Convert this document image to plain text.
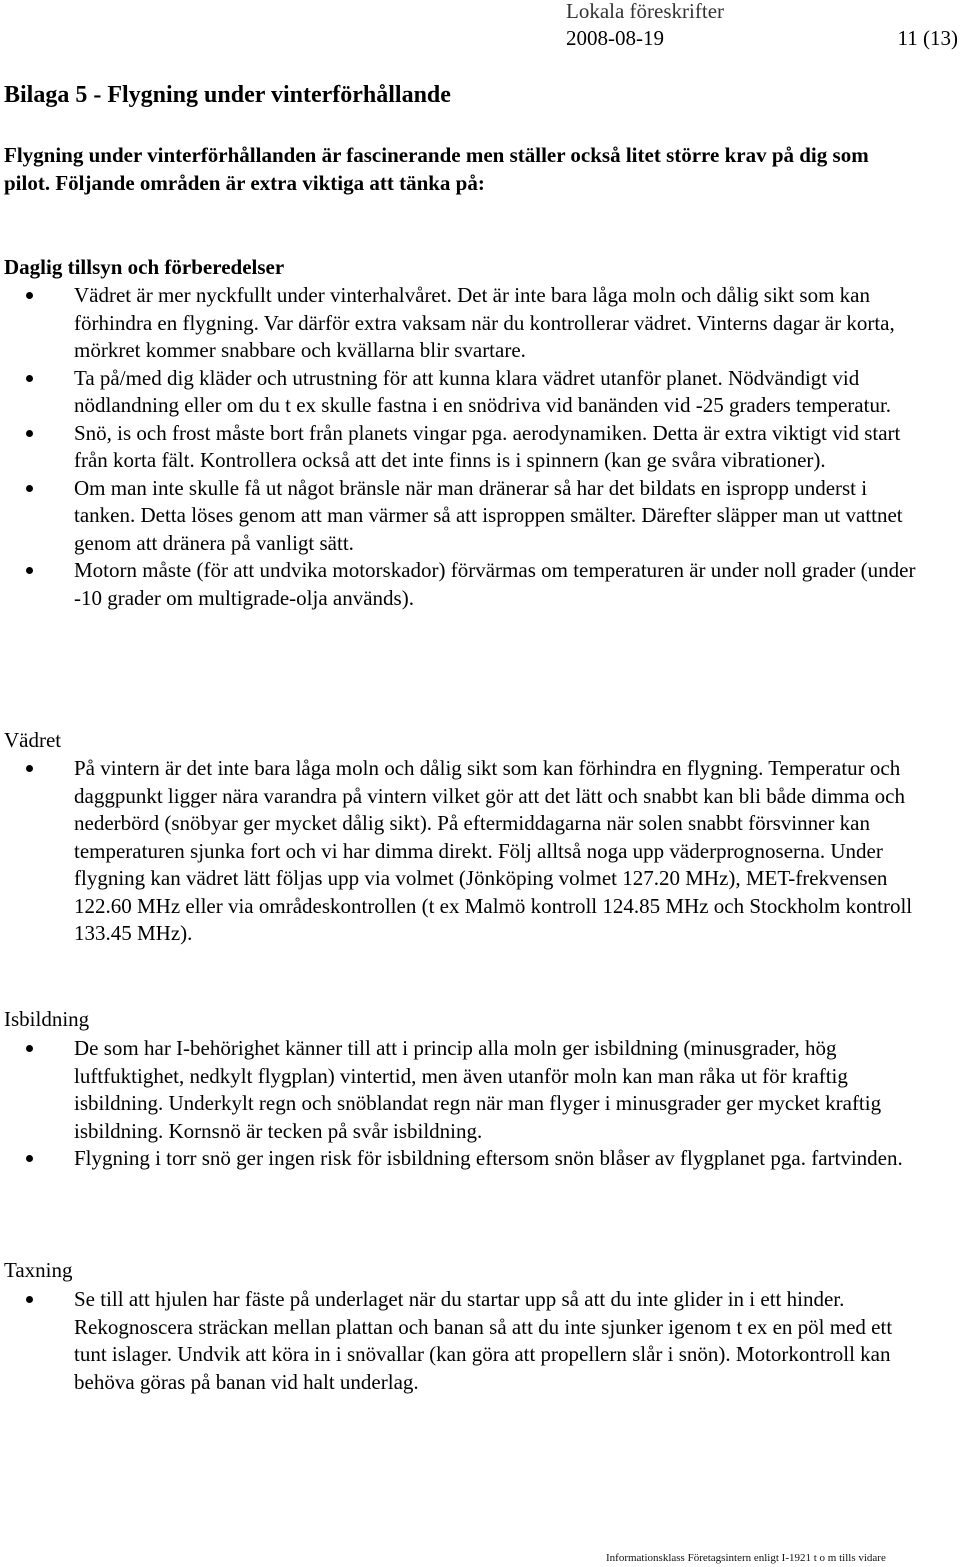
Lokala föreskrifter
2008-08-19	11 (13)
Bilaga 5 - Flygning under vinterförhållande

Flygning under vinterförhållanden är fascinerande men ställer också litet större krav på dig som pilot. Följande områden är extra viktiga att tänka på:

Daglig tillsyn och förberedelser
Vädret är mer nyckfullt under vinterhalvåret. Det är inte bara låga moln och dålig sikt som kan förhindra en flygning. Var därför extra vaksam när du kontrollerar vädret. Vinterns dagar är korta, mörkret kommer snabbare och kvällarna blir svartare.
Ta på/med dig kläder och utrustning för att kunna klara vädret utanför planet. Nödvändigt vid nödlandning eller om du t ex skulle fastna i en snödriva vid banänden vid -25 graders temperatur.
Snö, is och frost måste bort från planets vingar pga. aerodynamiken. Detta är extra viktigt vid start från korta fält. Kontrollera också att det inte finns is i spinnern (kan ge svåra vibrationer).
Om man inte skulle få ut något bränsle när man dränerar så har det bildats en ispropp underst i tanken. Detta löses genom att man värmer så att isproppen smälter. Därefter släpper man ut vattnet genom att dränera på vanligt sätt.
Motorn måste (för att undvika motorskador) förvärmas om temperaturen är under noll grader (under -10 grader om multigrade-olja används).
Vädret
På vintern är det inte bara låga moln och dålig sikt som kan förhindra en flygning. Temperatur och daggpunkt ligger nära varandra på vintern vilket gör att det lätt och snabbt kan bli både dimma och nederbörd (snöbyar ger mycket dålig sikt). På eftermiddagarna när solen snabbt försvinner kan temperaturen sjunka fort och vi har dimma direkt. Följ alltså noga upp väderprognoserna. Under flygning kan vädret lätt följas upp via volmet (Jönköping volmet 127.20 MHz), MET-frekvensen 122.60 MHz eller via områdeskontrollen (t ex Malmö kontroll 124.85 MHz och Stockholm kontroll 133.45 MHz).
Isbildning
De som har I-behörighet känner till att i princip alla moln ger isbildning (minusgrader, hög luftfuktighet, nedkylt flygplan) vintertid, men även utanför moln kan man råka ut för kraftig isbildning. Underkylt regn och snöblandat regn när man flyger i minusgrader ger mycket kraftig isbildning. Kornsnö är tecken på svår isbildning.
Flygning i torr snö ger ingen risk för isbildning eftersom snön blåser av flygplanet pga. fartvinden.
Taxning
Se till att hjulen har fäste på underlaget när du startar upp så att du inte glider in i ett hinder. Rekognoscera sträckan mellan plattan och banan så att du inte sjunker igenom t ex en pöl med ett tunt islager. Undvik att köra in i snövallar (kan göra att propellern slår i snön). Motorkontroll kan behöva göras på banan vid halt underlag.
Informationsklass Företagsintern enligt I-1921 t o m tills vidare
